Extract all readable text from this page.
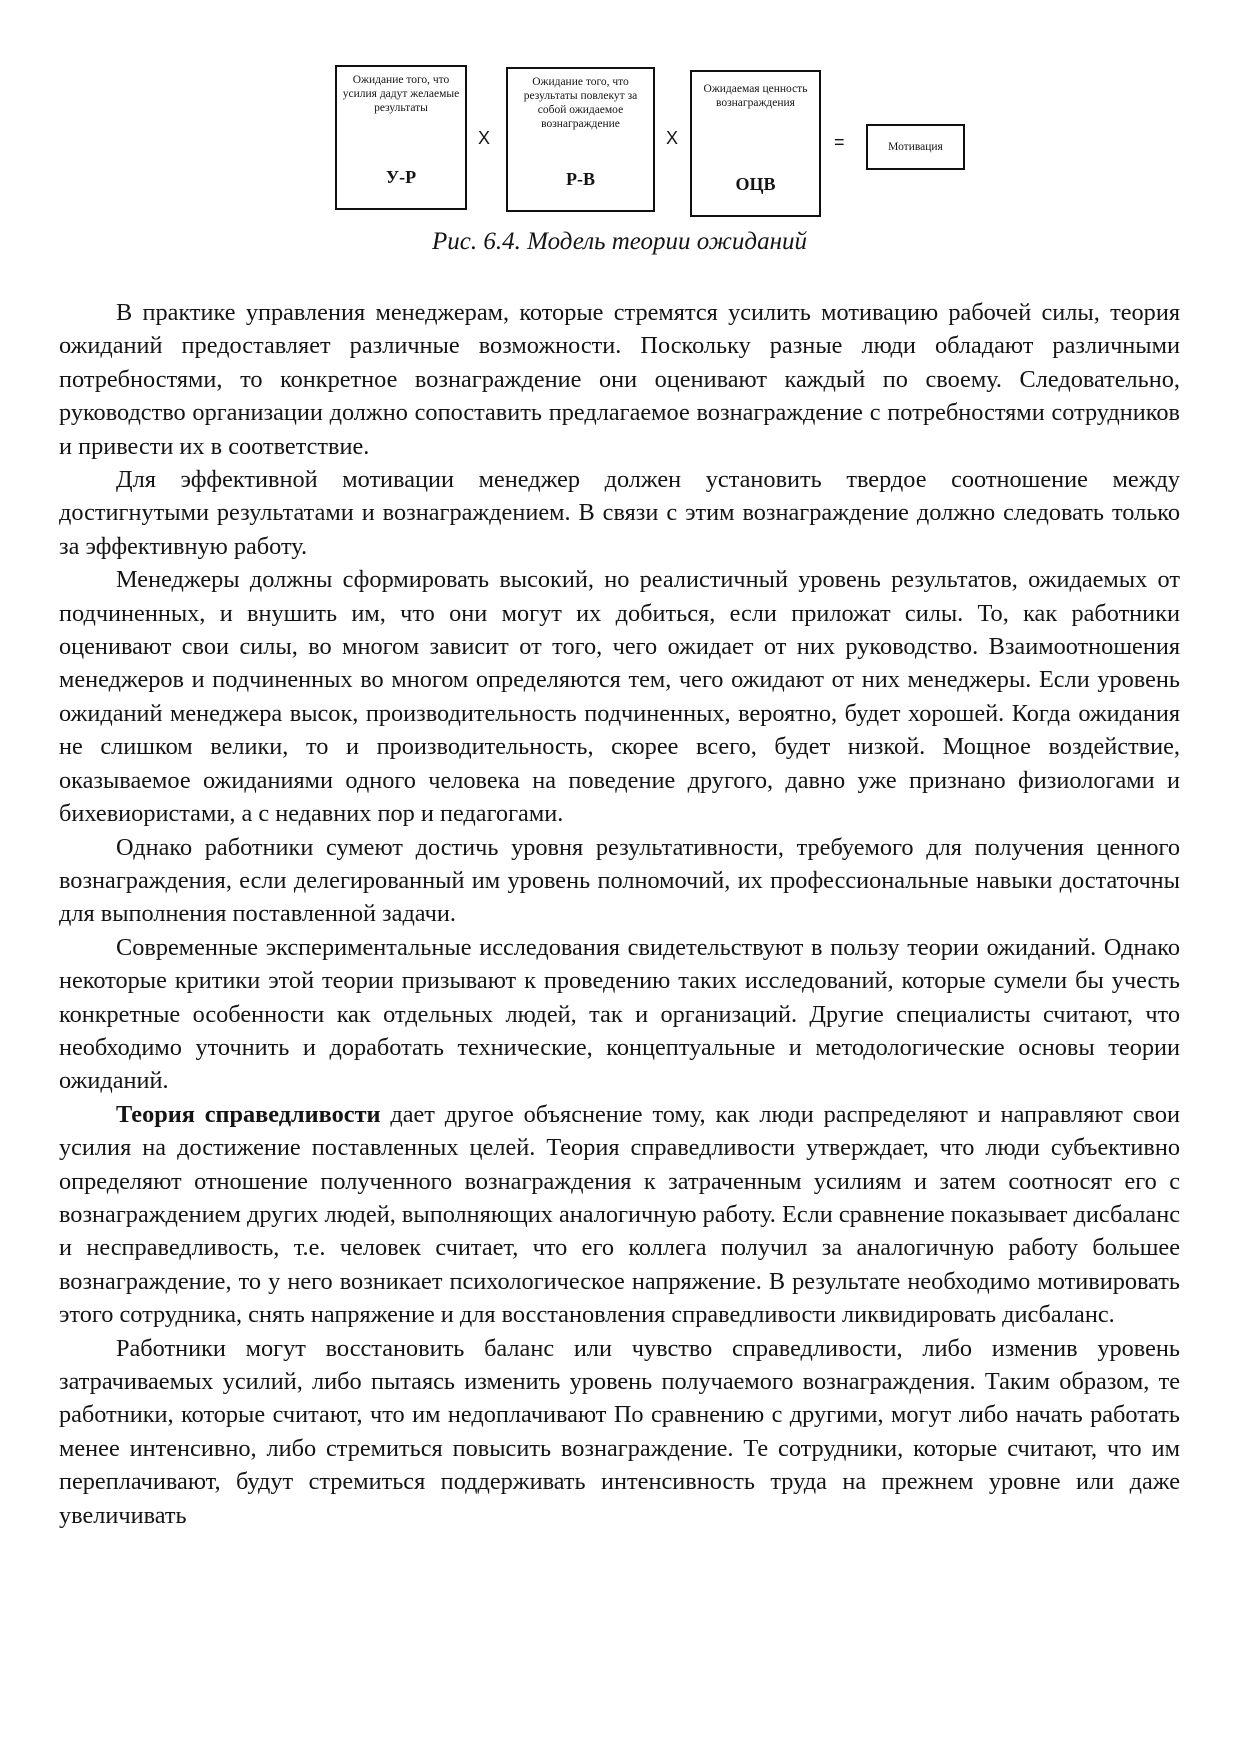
Ожидание того, что усилия дадут желаемые результаты
У-Р
X
Ожидание того, что результаты повлекут за собой ожидаемое вознаграждение
Р-В
X
Ожидаемая ценность вознаграждения
ОЦВ
=	Мотивация
Рис. 6.4. Модель теории ожиданий

В практике управления менеджерам, которые стремятся усилить мотивацию рабочей силы, теория ожиданий предоставляет различные возможности. Поскольку разные люди обладают различными потребностями, то конкретное вознаграждение они оценивают каждый по своему. Следовательно, руководство организации должно сопоставить предлагаемое вознаграждение с потребностями сотрудников и привести их в соответствие.

Для эффективной мотивации менеджер должен установить твердое соотношение между достигнутыми результатами и вознаграждением. В связи с этим вознаграждение должно следовать только за эффективную работу.

Менеджеры должны сформировать высокий, но реалистичный уровень результатов, ожидаемых от подчиненных, и внушить им, что они могут их добиться, если приложат силы. То, как работники оценивают свои силы, во многом зависит от того, чего ожидает от них руководство. Взаимоотношения менеджеров и подчиненных во многом определяются тем, чего ожидают от них менеджеры. Если уровень ожиданий менеджера высок, производительность подчиненных, вероятно, будет хорошей. Когда ожидания не слишком велики, то и производительность, скорее всего, будет низкой. Мощное воздействие, оказываемое ожиданиями одного человека на поведение другого, давно уже признано физиологами и бихевиористами, а с недавних пор и педагогами.

Однако работники сумеют достичь уровня результативности, требуемого для получения ценного вознаграждения, если делегированный им уровень полномочий, их профессиональные навыки достаточны для выполнения поставленной задачи.

Современные экспериментальные исследования свидетельствуют в пользу теории ожиданий. Однако некоторые критики этой теории призывают к проведению таких исследований, которые сумели бы учесть конкретные особенности как отдельных людей, так и организаций. Другие специалисты считают, что необходимо уточнить и доработать технические, концептуальные и методологические основы теории ожиданий.

Теория справедливости дает другое объяснение тому, как люди распределяют и направляют свои усилия на достижение поставленных целей. Теория справедливости утверждает, что люди субъективно определяют отношение полученного вознаграждения к затраченным усилиям и затем соотносят его с вознаграждением других людей, выполняющих аналогичную работу. Если сравнение показывает дисбаланс и несправедливость, т.е. человек считает, что его коллега получил за аналогичную работу большее вознаграждение, то у него возникает психологическое напряжение. В результате необходимо мотивировать этого сотрудника, снять напряжение и для восстановления справедливости ликвидировать дисбаланс.

Работники могут восстановить баланс или чувство справедливости, либо изменив уровень затрачиваемых усилий, либо пытаясь изменить уровень получаемого вознаграждения. Таким образом, те работники, которые считают, что им недоплачивают По сравнению с другими, могут либо начать работать менее интенсивно, либо стремиться повысить вознаграждение. Те сотрудники, которые считают, что им переплачивают, будут стремиться поддерживать интенсивность труда на прежнем уровне или даже увеличивать
